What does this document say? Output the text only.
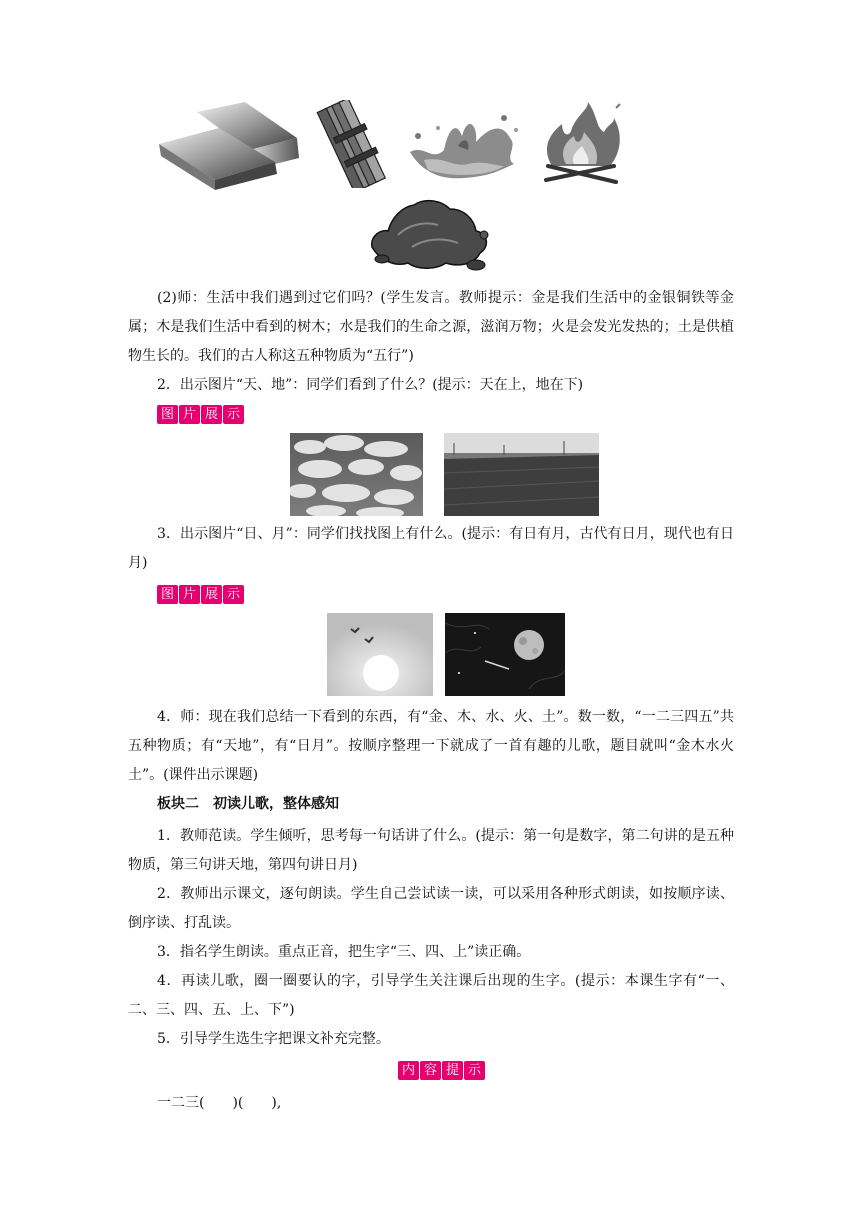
(2)师：生活中我们遇到过它们吗？(学生发言。教师提示：金是我们生活中的金银铜铁等金属；木是我们生活中看到的树木；水是我们的生命之源，滋润万物；火是会发光发热的；土是供植物生长的。我们的古人称这五种物质为“五行”)
2．出示图片“天、地”：同学们看到了什么？(提示：天在上，地在下)
图 片 展 示
3．出示图片“日、月”：同学们找找图上有什么。(提示：有日有月，古代有日月，现代也有日月)
图 片 展 示
4．师：现在我们总结一下看到的东西，有“金、木、水、火、土”。数一数，“一二三四五”共五种物质；有“天地”，有“日月”。按顺序整理一下就成了一首有趣的儿歌，题目就叫“金木水火土”。(课件出示课题)
板块二　初读儿歌，整体感知
1．教师范读。学生倾听，思考每一句话讲了什么。(提示：第一句是数字，第二句讲的是五种物质，第三句讲天地，第四句讲日月)
2．教师出示课文，逐句朗读。学生自己尝试读一读，可以采用各种形式朗读，如按顺序读、倒序读、打乱读。
3．指名学生朗读。重点正音，把生字“三、四、上”读正确。
4．再读儿歌，圈一圈要认的字，引导学生关注课后出现的生字。(提示：本课生字有“一、二、三、四、五、上、下”)
5．引导学生选生字把课文补充完整。
内 容 提 示
一二三(　　)(　　),
